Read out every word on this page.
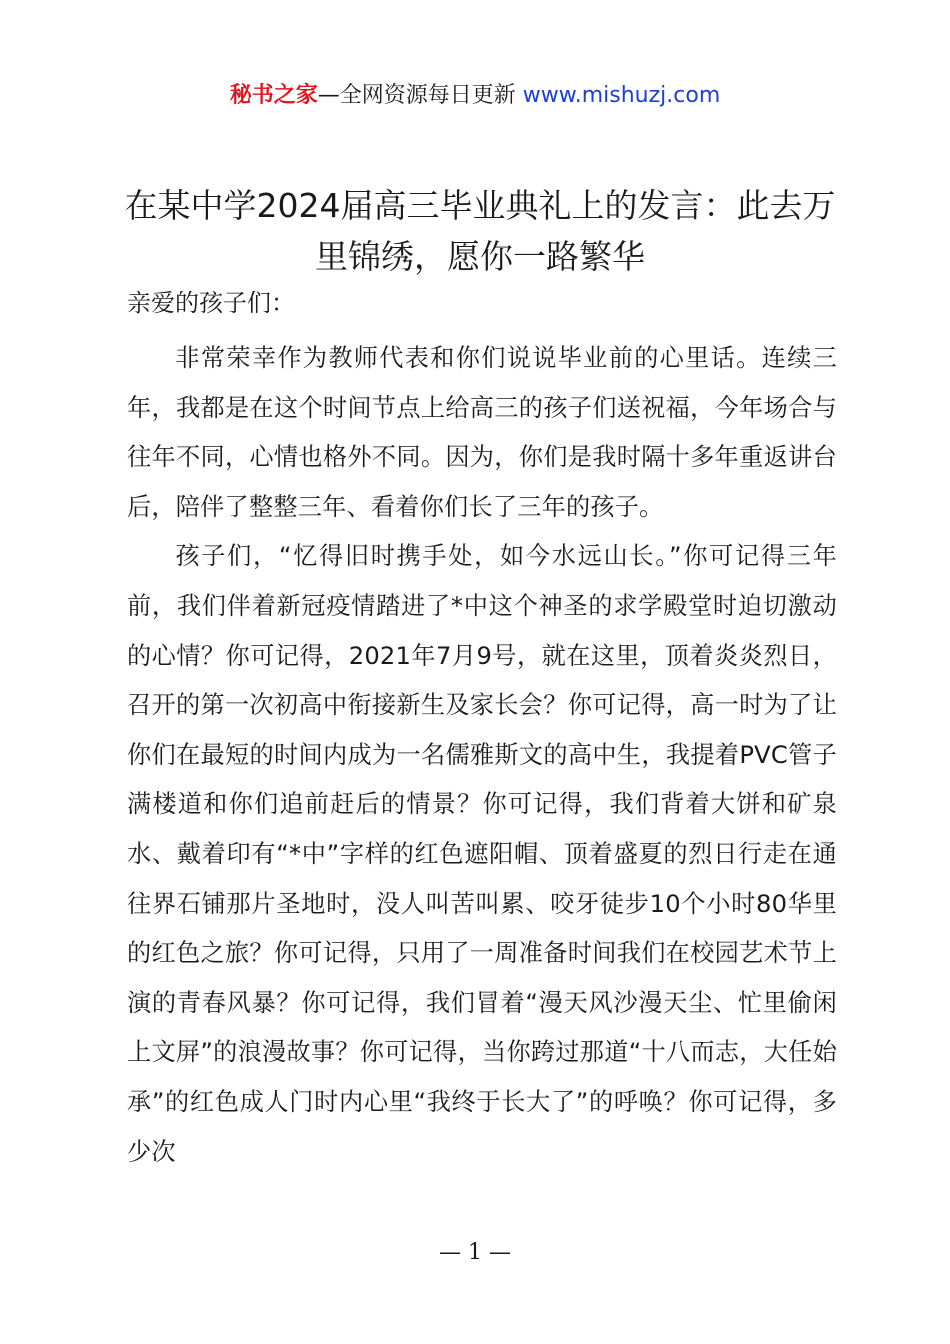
秘书之家—全网资源每日更新 www.mishuzj.com
在某中学2024届高三毕业典礼上的发言：此去万里锦绣，愿你一路繁华

亲爱的孩子们：

非常荣幸作为教师代表和你们说说毕业前的心里话。连续三年，我都是在这个时间节点上给高三的孩子们送祝福，今年场合与往年不同，心情也格外不同。因为，你们是我时隔十多年重返讲台后，陪伴了整整三年、看着你们长了三年的孩子。

孩子们，“忆得旧时携手处，如今水远山长。”你可记得三年前，我们伴着新冠疫情踏进了*中这个神圣的求学殿堂时迫切激动的心情？你可记得，2021年7月9号，就在这里，顶着炎炎烈日，召开的第一次初高中衔接新生及家长会？你可记得，高一时为了让你们在最短的时间内成为一名儒雅斯文的高中生，我提着PVC管子满楼道和你们追前赶后的情景？你可记得，我们背着大饼和矿泉水、戴着印有“*中”字样的红色遮阳帽、顶着盛夏的烈日行走在通往界石铺那片圣地时，没人叫苦叫累、咬牙徒步10个小时80华里的红色之旅？你可记得，只用了一周准备时间我们在校园艺术节上演的青春风暴？你可记得，我们冒着“漫天风沙漫天尘、忙里偷闲上文屏”的浪漫故事？你可记得，当你跨过那道“十八而志，大任始承”的红色成人门时内心里“我终于长大了”的呼唤？你可记得，多少次

— 1 —
